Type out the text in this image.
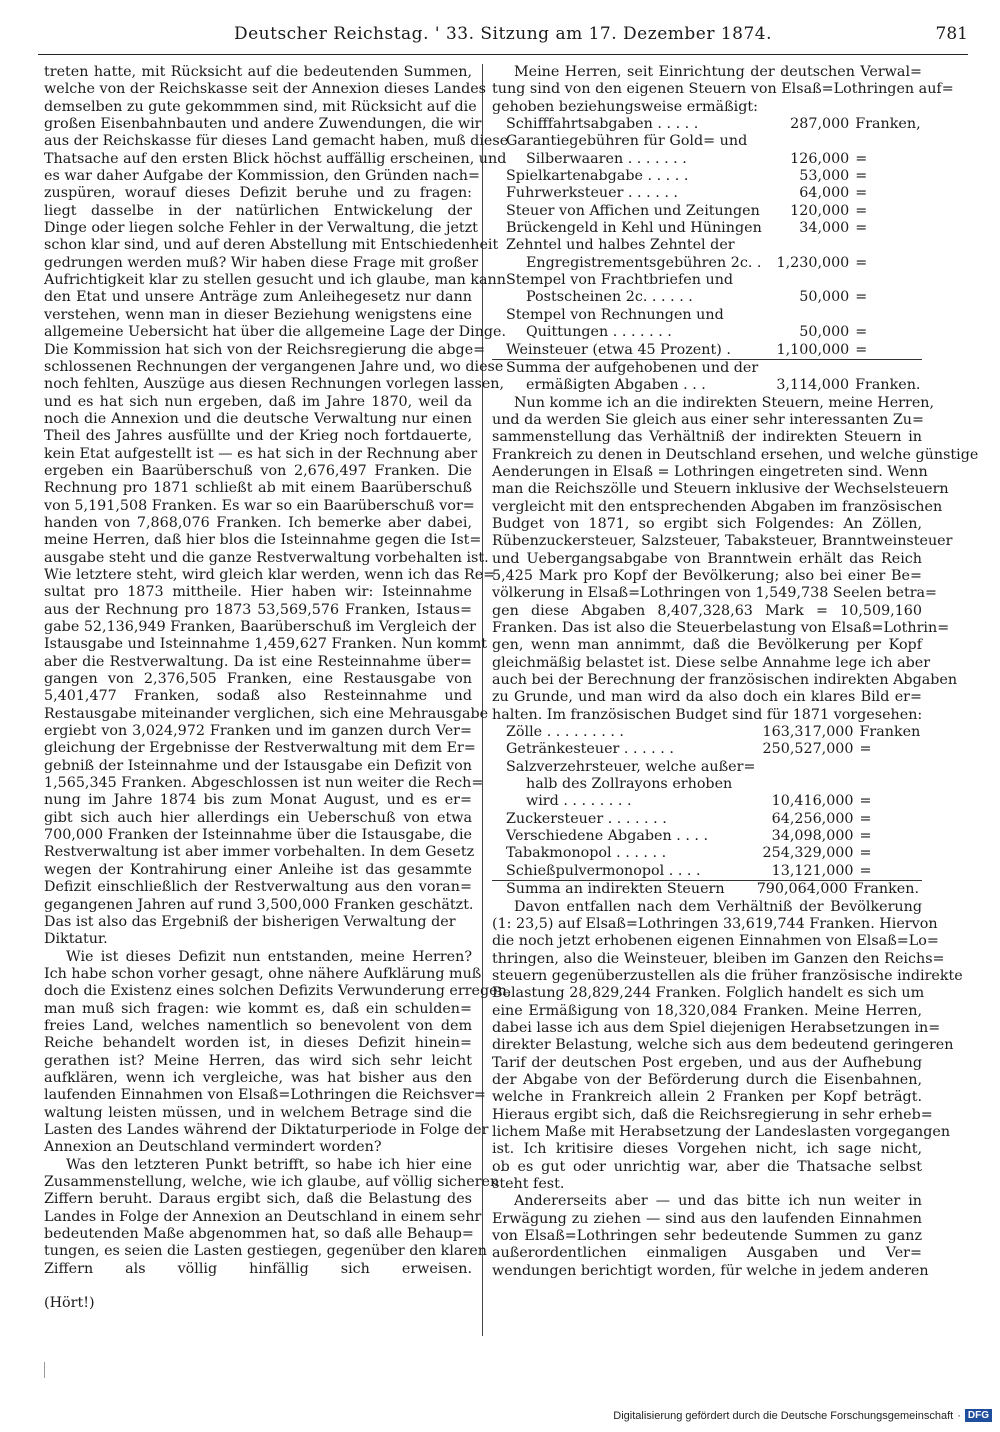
Deutscher Reichstag. ' 33. Sitzung am 17. Dezember 1874.	781
treten hatte, mit Rücksicht auf die bedeutenden Summen,
welche von der Reichskasse seit der Annexion dieses Landes
demselben zu gute gekommmen sind, mit Rücksicht auf die
großen Eisenbahnbauten und andere Zuwendungen, die wir
aus der Reichskasse für dieses Land gemacht haben, muß diese
Thatsache auf den ersten Blick höchst auffällig erscheinen, und
es war daher Aufgabe der Kommission, den Gründen nach=
zuspüren, worauf dieses Defizit beruhe und zu fragen:
liegt dasselbe in der natürlichen Entwickelung der
Dinge oder liegen solche Fehler in der Verwaltung, die jetzt
schon klar sind, und auf deren Abstellung mit Entschiedenheit
gedrungen werden muß? Wir haben diese Frage mit großer
Aufrichtigkeit klar zu stellen gesucht und ich glaube, man kann
den Etat und unsere Anträge zum Anleihegesetz nur dann
verstehen, wenn man in dieser Beziehung wenigstens eine
allgemeine Uebersicht hat über die allgemeine Lage der Dinge.
Die Kommission hat sich von der Reichsregierung die abge=
schlossenen Rechnungen der vergangenen Jahre und, wo diese
noch fehlten, Auszüge aus diesen Rechnungen vorlegen lassen,
und es hat sich nun ergeben, daß im Jahre 1870, weil da
noch die Annexion und die deutsche Verwaltung nur einen
Theil des Jahres ausfüllte und der Krieg noch fortdauerte,
kein Etat aufgestellt ist — es hat sich in der Rechnung aber
ergeben ein Baarüberschuß von 2,676,497 Franken. Die
Rechnung pro 1871 schließt ab mit einem Baarüberschuß
von 5,191,508 Franken. Es war so ein Baarüberschuß vor=
handen von 7,868,076 Franken. Ich bemerke aber dabei,
meine Herren, daß hier blos die Isteinnahme gegen die Ist=
ausgabe steht und die ganze Restverwaltung vorbehalten ist.
Wie letztere steht, wird gleich klar werden, wenn ich das Re=
sultat pro 1873 mittheile. Hier haben wir: Isteinnahme
aus der Rechnung pro 1873 53,569,576 Franken, Istaus=
gabe 52,136,949 Franken, Baarüberschuß im Vergleich der
Istausgabe und Isteinnahme 1,459,627 Franken. Nun kommt
aber die Restverwaltung. Da ist eine Resteinnahme über=
gangen von 2,376,505 Franken, eine Restausgabe von
5,401,477 Franken, sodaß also Resteinnahme und
Restausgabe miteinander verglichen, sich eine Mehrausgabe
ergiebt von 3,024,972 Franken und im ganzen durch Ver=
gleichung der Ergebnisse der Restverwaltung mit dem Er=
gebniß der Isteinnahme und der Istausgabe ein Defizit von
1,565,345 Franken. Abgeschlossen ist nun weiter die Rech=
nung im Jahre 1874 bis zum Monat August, und es er=
gibt sich auch hier allerdings ein Ueberschuß von etwa
700,000 Franken der Isteinnahme über die Istausgabe, die
Restverwaltung ist aber immer vorbehalten. In dem Gesetz
wegen der Kontrahirung einer Anleihe ist das gesammte
Defizit einschließlich der Restverwaltung aus den voran=
gegangenen Jahren auf rund 3,500,000 Franken geschätzt.
Das ist also das Ergebniß der bisherigen Verwaltung der
Diktatur.
Wie ist dieses Defizit nun entstanden, meine Herren?
Ich habe schon vorher gesagt, ohne nähere Aufklärung muß
doch die Existenz eines solchen Defizits Verwunderung erregen,
man muß sich fragen: wie kommt es, daß ein schulden=
freies Land, welches namentlich so benevolent von dem
Reiche behandelt worden ist, in dieses Defizit hinein=
gerathen ist? Meine Herren, das wird sich sehr leicht
aufklären, wenn ich vergleiche, was hat bisher aus den
laufenden Einnahmen von Elsaß=Lothringen die Reichsver=
waltung leisten müssen, und in welchem Betrage sind die
Lasten des Landes während der Diktaturperiode in Folge der
Annexion an Deutschland vermindert worden?
Was den letzteren Punkt betrifft, so habe ich hier eine
Zusammenstellung, welche, wie ich glaube, auf völlig sicheren
Ziffern beruht. Daraus ergibt sich, daß die Belastung des
Landes in Folge der Annexion an Deutschland in einem sehr
bedeutenden Maße abgenommen hat, so daß alle Behaup=
tungen, es seien die Lasten gestiegen, gegenüber den klaren
Ziffern als völlig hinfällig sich erweisen.

(Hört!)
Meine Herren, seit Einrichtung der deutschen Verwal=
tung sind von den eigenen Steuern von Elsaß=Lothringen auf=
gehoben beziehungsweise ermäßigt:
Schifffahrtsabgaben . . . . .	287,000	Franken,
Garantiegebühren für Gold= und		
Silberwaaren . . . . . . .	126,000	=
Spielkartenabgabe . . . . .	53,000	=
Fuhrwerksteuer . . . . . .	64,000	=
Steuer von Affichen und Zeitungen	120,000	=
Brückengeld in Kehl und Hüningen	34,000	=
Zehntel und halbes Zehntel der		
Engregistrementsgebühren 2c. .	1,230,000	=
Stempel von Frachtbriefen und		
Postscheinen 2c. . . . . .	50,000	=
Stempel von Rechnungen und		
Quittungen . . . . . . .	50,000	=
Weinsteuer (etwa 45 Prozent) .	1,100,000	=
Summa der aufgehobenen und der		
ermäßigten Abgaben . . .	3,114,000	Franken.
Nun komme ich an die indirekten Steuern, meine Herren,
und da werden Sie gleich aus einer sehr interessanten Zu=
sammenstellung das Verhältniß der indirekten Steuern in
Frankreich zu denen in Deutschland ersehen, und welche günstige
Aenderungen in Elsaß = Lothringen eingetreten sind. Wenn
man die Reichszölle und Steuern inklusive der Wechselsteuern
vergleicht mit den entsprechenden Abgaben im französischen
Budget von 1871, so ergibt sich Folgendes: An Zöllen,
Rübenzuckersteuer, Salzsteuer, Tabaksteuer, Branntweinsteuer
und Uebergangsabgabe von Branntwein erhält das Reich
5,425 Mark pro Kopf der Bevölkerung; also bei einer Be=
völkerung in Elsaß=Lothringen von 1,549,738 Seelen betra=
gen diese Abgaben 8,407,328,63 Mark = 10,509,160
Franken. Das ist also die Steuerbelastung von Elsaß=Lothrin=
gen, wenn man annimmt, daß die Bevölkerung per Kopf
gleichmäßig belastet ist. Diese selbe Annahme lege ich aber
auch bei der Berechnung der französischen indirekten Abgaben
zu Grunde, und man wird da also doch ein klares Bild er=
halten. Im französischen Budget sind für 1871 vorgesehen:
Zölle . . . . . . . . .	163,317,000	Franken
Getränkesteuer . . . . . .	250,527,000	=
Salzverzehrsteuer, welche außer=		
halb des Zollrayons erhoben		
wird . . . . . . . .	10,416,000	=
Zuckersteuer . . . . . . .	64,256,000	=
Verschiedene Abgaben . . . .	34,098,000	=
Tabakmonopol . . . . . .	254,329,000	=
Schießpulvermonopol . . . .	13,121,000	=
Summa an indirekten Steuern	790,064,000	Franken.
Davon entfallen nach dem Verhältniß der Bevölkerung
(1: 23,5) auf Elsaß=Lothringen 33,619,744 Franken. Hiervon
die noch jetzt erhobenen eigenen Einnahmen von Elsaß=Lo=
thringen, also die Weinsteuer, bleiben im Ganzen den Reichs=
steuern gegenüberzustellen als die früher französische indirekte
Belastung 28,829,244 Franken. Folglich handelt es sich um
eine Ermäßigung von 18,320,084 Franken. Meine Herren,
dabei lasse ich aus dem Spiel diejenigen Herabsetzungen in=
direkter Belastung, welche sich aus dem bedeutend geringeren
Tarif der deutschen Post ergeben, und aus der Aufhebung
der Abgabe von der Beförderung durch die Eisenbahnen,
welche in Frankreich allein 2 Franken per Kopf beträgt.
Hieraus ergibt sich, daß die Reichsregierung in sehr erheb=
lichem Maße mit Herabsetzung der Landeslasten vorgegangen
ist. Ich kritisire dieses Vorgehen nicht, ich sage nicht,
ob es gut oder unrichtig war, aber die Thatsache selbst
steht fest.
Andererseits aber — und das bitte ich nun weiter in
Erwägung zu ziehen — sind aus den laufenden Einnahmen
von Elsaß=Lothringen sehr bedeutende Summen zu ganz
außerordentlichen einmaligen Ausgaben und Ver=
wendungen berichtigt worden, für welche in jedem anderen
Digitalisierung gefördert durch die Deutsche Forschungsgemeinschaft · DFG
